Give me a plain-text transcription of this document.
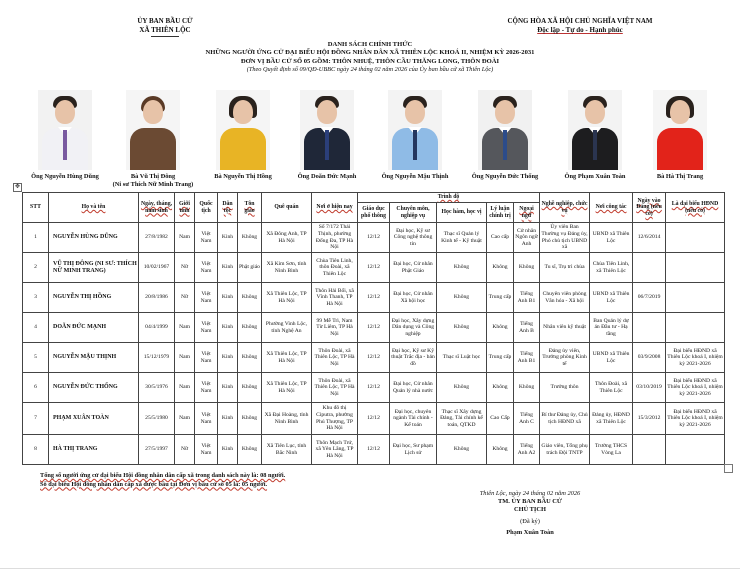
ỦY BAN BẦU CỬ
XÃ THIÊN LỘC
CỘNG HÒA XÃ HỘI CHỦ NGHĨA VIỆT NAM
Độc lập - Tự do - Hạnh phúc
DANH SÁCH CHÍNH THỨC
NHỮNG NGƯỜI ỨNG CỬ ĐẠI BIỂU HỘI ĐỒNG NHÂN DÂN XÃ THIÊN LỘC KHOÁ II, NHIỆM KỲ 2026-2031
ĐƠN VỊ BẦU CỬ SỐ 05 GỒM: THÔN NHUỆ, THÔN CẦU THĂNG LONG, THÔN ĐOÀI
(Theo Quyết định số 09/QĐ-UBBC ngày 24 tháng 02 năm 2026 của Ủy ban bầu cử xã Thiên Lộc)
Ông Nguyễn Hùng Dũng	Bà Vũ Thị Đông
(Ni sư Thích Nữ Minh Trang)
Bà Nguyễn Thị Hồng	Ông Doãn Đức Mạnh	Ông Nguyễn Mậu Thịnh	Ông Nguyễn Đức Thống	Ông Phạm Xuân Toàn	Bà Hà Thị Trang
✥
STT	Họ và tên	Ngày, tháng, năm sinh	Giới tính	Quốc tịch	Dân tộc	Tôn giáo	Quê quán	Nơi ở hiện nay	Trình độ					Nghề nghiệp, chức vụ	Nơi công tác	Ngày vào Đảng (nếu có)	Là đại biểu HĐND (nếu có)
									Giáo dục phổ thông	Chuyên môn, nghiệp vụ	Học hàm, học vị	Lý luận chính trị	Ngoại ngữ				
1	NGUYỄN HÙNG DŨNG	27/8/1982	Nam	Việt Nam	Kinh	Không	Xã Đông Anh, TP Hà Nội	Số 7/172 Thái Thịnh, phường Đống Đa, TP Hà Nội	12/12	Đại học, Kỹ sư Công nghệ thông tin	Thạc sĩ Quản lý Kinh tế - Kỹ thuật	Cao cấp	Cử nhân Ngôn ngữ Anh	Ủy viên Ban Thường vụ Đảng ủy, Phó chủ tịch UBND xã	UBND xã Thiên Lộc	12/6/2014	
2	VŨ THỊ ĐÔNG (NI SƯ: THÍCH NỮ MINH TRANG)	10/02/1967	Nữ	Việt Nam	Kinh	Phật giáo	Xã Kim Sơn, tỉnh Ninh Bình	Chùa Tiên Linh, thôn Đoài, xã Thiên Lộc	12/12	Đại học, Cử nhân Phật Giáo	Không	Không	Không	Tu sĩ, Trụ trì chùa	Chùa Tiên Linh, xã Thiên Lộc		
3	NGUYỄN THỊ HỒNG	20/8/1986	Nữ	Việt Nam	Kinh	Không	Xã Thiên Lộc, TP Hà Nội	Thôn Hải Bối, xã Vĩnh Thanh, TP Hà Nội	12/12	Đại học, Cử nhân Xã hội học	Không	Trung cấp	Tiếng Anh B1	Chuyên viên phòng Văn hóa - Xã hội	UBND xã Thiên Lộc	06/7/2019	
4	DOÃN ĐỨC MẠNH	04/4/1999	Nam	Việt Nam	Kinh	Không	Phường Vinh Lộc, tỉnh Nghệ An	99 Mễ Trì, Nam Từ Liêm, TP Hà Nội	12/12	Đại học, Xây dựng Dân dụng và Công nghiệp	Không	Không	Tiếng Anh B	Nhân viên kỹ thuật	Ban Quản lý dự án Đầu tư - Hạ tầng		
5	NGUYỄN MẬU THỊNH	15/12/1979	Nam	Việt Nam	Kinh	Không	Xã Thiên Lộc, TP Hà Nội	Thôn Đoài, xã Thiên Lộc, TP Hà Nội	12/12	Đại học, Kỹ sư Kỹ thuật Trắc địa - bản đồ	Thạc sĩ Luật học	Trung cấp	Tiếng Anh B1	Đảng ủy viên, Trưởng phòng Kinh tế	UBND xã Thiên Lộc	03/9/2008	Đại biểu HĐND xã Thiên Lộc khoá I, nhiệm kỳ 2021-2026
6	NGUYỄN ĐỨC THỐNG	30/5/1976	Nam	Việt Nam	Kinh	Không	Xã Thiên Lộc, TP Hà Nội	Thôn Đoài, xã Thiên Lộc, TP Hà Nội	12/12	Đại học, Cử nhân Quản lý nhà nước	Không	Không	Không	Trưởng thôn	Thôn Đoài, xã Thiên Lộc	03/10/2019	Đại biểu HĐND xã Thiên Lộc khoá I, nhiệm kỳ 2021-2026
7	PHẠM XUÂN TOÀN	25/5/1980	Nam	Việt Nam	Kinh	Không	Xã Đại Hoàng, tỉnh Ninh Bình	Khu đô thị Ciputra, phường Phú Thượng, TP Hà Nội	12/12	Đại học, chuyên ngành Tài chính - Kế toán	Thạc sĩ Xây dựng Đảng, Tài chính kế toán, QTKD	Cao Cấp	Tiếng Anh C	Bí thư Đảng ủy, Chủ tịch HĐND xã	Đảng ủy, HĐND xã Thiên Lộc	15/3/2012	Đại biểu HĐND xã Thiên Lộc khoá I, nhiệm kỳ 2021-2026
8	HÀ THỊ TRANG	27/5/1997	Nữ	Việt Nam	Kinh	Không	Xã Tiên Lục, tỉnh Bắc Ninh	Thôn Mạch Trứ, xã Yên Lãng, TP Hà Nội	12/12	Đại học, Sư phạm Lịch sử	Không	Không	Tiếng Anh A2	Giáo viên, Tổng phụ trách Đội TNTP	Trường THCS Vòng La		
Tổng số người ứng cử đại biểu Hội đồng nhân dân cấp xã trong danh sách này là: 08 người.
Số đại biểu Hội đồng nhân dân cấp xã được bầu tại Đơn vị bầu cử số 05 là: 05 người.
Thiên Lộc, ngày 24 tháng 02 năm 2026
TM. ỦY BAN BẦU CỬ
CHỦ TỊCH
(Đã ký)
Phạm Xuân Toàn
